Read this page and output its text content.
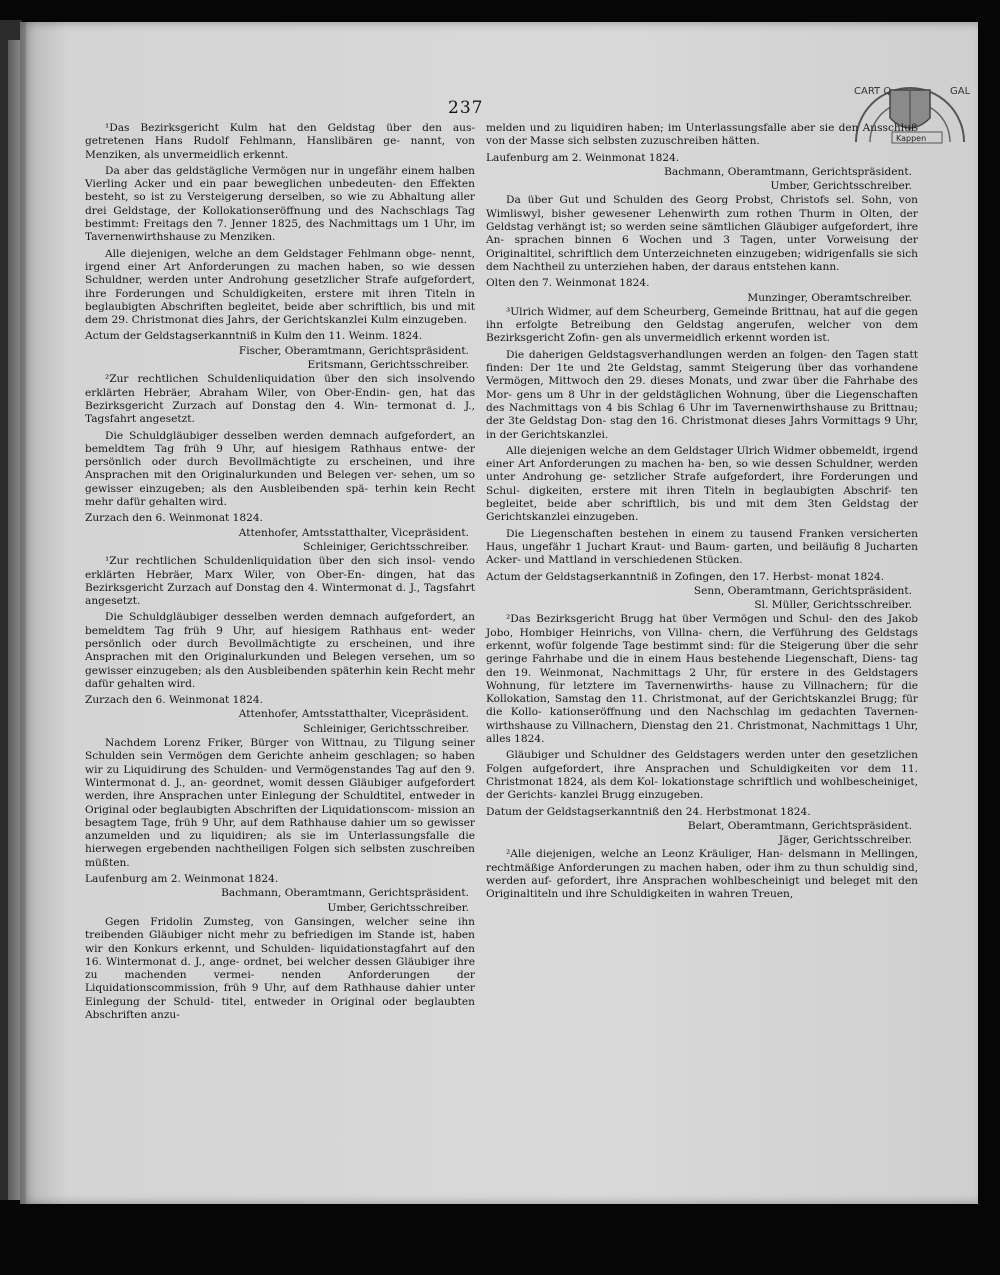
237
CART Q	GAL
Kappen

¹Das Bezirksgericht Kulm hat den Geldstag über den aus- getretenen Hans Rudolf Fehlmann, Hanslibären ge- nannt, von Menziken, als unvermeidlich erkennt.

Da aber das geldstägliche Vermögen nur in ungefähr einem halben Vierling Acker und ein paar beweglichen unbedeuten- den Effekten besteht, so ist zu Versteigerung derselben, so wie zu Abhaltung aller drei Geldstage, der Kollokationseröffnung und des Nachschlags Tag bestimmt: Freitags den 7. Jenner 1825, des Nachmittags um 1 Uhr, im Tavernenwirthshause zu Menziken.

Alle diejenigen, welche an dem Geldstager Fehlmann obge- nennt, irgend einer Art Anforderungen zu machen haben, so wie dessen Schuldner, werden unter Androhung gesetzlicher Strafe aufgefordert, ihre Forderungen und Schuldigkeiten, erstere mit ihren Titeln in beglaubigten Abschriften begleitet, beide aber schriftlich, bis und mit dem 29. Christmonat dies Jahrs, der Gerichtskanzlei Kulm einzugeben.

Actum der Geldstagserkanntniß in Kulm den 11. Weinm. 1824.

Fischer, Oberamtmann, Gerichtspräsident.

Eritsmann, Gerichtsschreiber.

²Zur rechtlichen Schuldenliquidation über den sich insolvendo erklärten Hebräer, Abraham Wiler, von Ober-Endin- gen, hat das Bezirksgericht Zurzach auf Donstag den 4. Win- termonat d. J., Tagsfahrt angesetzt.

Die Schuldgläubiger desselben werden demnach aufgefordert, an bemeldtem Tag früh 9 Uhr, auf hiesigem Rathhaus entwe- der persönlich oder durch Bevollmächtigte zu erscheinen, und ihre Ansprachen mit den Originalurkunden und Belegen ver- sehen, um so gewisser einzugeben; als den Ausbleibenden spä- terhin kein Recht mehr dafür gehalten wird.

Zurzach den 6. Weinmonat 1824.

Attenhofer, Amtsstatthalter, Vicepräsident.

Schleiniger, Gerichtsschreiber.

¹Zur rechtlichen Schuldenliquidation über den sich insol- vendo erklärten Hebräer, Marx Wiler, von Ober-En- dingen, hat das Bezirksgericht Zurzach auf Donstag den 4. Wintermonat d. J., Tagsfahrt angesetzt.

Die Schuldgläubiger desselben werden demnach aufgefordert, an bemeldtem Tag früh 9 Uhr, auf hiesigem Rathhaus ent- weder persönlich oder durch Bevollmächtigte zu erscheinen, und ihre Ansprachen mit den Originalurkunden und Belegen versehen, um so gewisser einzugeben; als den Ausbleibenden späterhin kein Recht mehr dafür gehalten wird.

Zurzach den 6. Weinmonat 1824.

Attenhofer, Amtsstatthalter, Vicepräsident.

Schleiniger, Gerichtsschreiber.

Nachdem Lorenz Friker, Bürger von Wittnau, zu Tilgung seiner Schulden sein Vermögen dem Gerichte anheim geschlagen; so haben wir zu Liquidirung des Schulden- und Vermögenstandes Tag auf den 9. Wintermonat d. J., an- geordnet, womit dessen Gläubiger aufgefordert werden, ihre Ansprachen unter Einlegung der Schuldtitel, entweder in Original oder beglaubigten Abschriften der Liquidationscom- mission an besagtem Tage, früh 9 Uhr, auf dem Rathhause dahier um so gewisser anzumelden und zu liquidiren; als sie im Unterlassungsfalle die hierwegen ergebenden nachtheiligen Folgen sich selbsten zuschreiben müßten.

Laufenburg am 2. Weinmonat 1824.

Bachmann, Oberamtmann, Gerichtspräsident.

Umber, Gerichtsschreiber.

Gegen Fridolin Zumsteg, von Gansingen, welcher seine ihn treibenden Gläubiger nicht mehr zu befriedigen im Stande ist, haben wir den Konkurs erkennt, und Schulden- liquidationstagfahrt auf den 16. Wintermonat d. J., ange- ordnet, bei welcher dessen Gläubiger ihre zu machenden vermei- nenden Anforderungen der Liquidationscommission, früh 9 Uhr, auf dem Rathhause dahier unter Einlegung der Schuld- titel, entweder in Original oder beglaubten Abschriften anzu-

melden und zu liquidiren haben; im Unterlassungsfalle aber sie den Ausschluß von der Masse sich selbsten zuzuschreiben hätten.

Laufenburg am 2. Weinmonat 1824.

Bachmann, Oberamtmann, Gerichtspräsident.

Umber, Gerichtsschreiber.

Da über Gut und Schulden des Georg Probst, Christofs sel. Sohn, von Wimliswyl, bisher gewesener Lehenwirth zum rothen Thurm in Olten, der Geldstag verhängt ist; so werden seine sämtlichen Gläubiger aufgefordert, ihre An- sprachen binnen 6 Wochen und 3 Tagen, unter Vorweisung der Originaltitel, schriftlich dem Unterzeichneten einzugeben; widrigenfalls sie sich dem Nachtheil zu unterziehen haben, der daraus entstehen kann.

Olten den 7. Weinmonat 1824.

Munzinger, Oberamtschreiber.

³Ulrich Widmer, auf dem Scheurberg, Gemeinde Brittnau, hat auf die gegen ihn erfolgte Betreibung den Geldstag angerufen, welcher von dem Bezirksgericht Zofin- gen als unvermeidlich erkennt worden ist.

Die daherigen Geldstagsverhandlungen werden an folgen- den Tagen statt finden: Der 1te und 2te Geldstag, sammt Steigerung über das vorhandene Vermögen, Mittwoch den 29. dieses Monats, und zwar über die Fahrhabe des Mor- gens um 8 Uhr in der geldstäglichen Wohnung, über die Liegenschaften des Nachmittags von 4 bis Schlag 6 Uhr im Tavernenwirthshause zu Brittnau; der 3te Geldstag Don- stag den 16. Christmonat dieses Jahrs Vormittags 9 Uhr, in der Gerichtskanzlei.

Alle diejenigen welche an dem Geldstager Ulrich Widmer obbemeldt, irgend einer Art Anforderungen zu machen ha- ben, so wie dessen Schuldner, werden unter Androhung ge- setzlicher Strafe aufgefordert, ihre Forderungen und Schul- digkeiten, erstere mit ihren Titeln in beglaubigten Abschrif- ten begleitet, beide aber schriftlich, bis und mit dem 3ten Geldstag der Gerichtskanzlei einzugeben.

Die Liegenschaften bestehen in einem zu tausend Franken versicherten Haus, ungefähr 1 Juchart Kraut- und Baum- garten, und beiläufig 8 Jucharten Acker- und Mattland in verschiedenen Stücken.

Actum der Geldstagserkanntniß in Zofingen, den 17. Herbst- monat 1824.

Senn, Oberamtmann, Gerichtspräsident.

Sl. Müller, Gerichtsschreiber.

²Das Bezirksgericht Brugg hat über Vermögen und Schul- den des Jakob Jobo, Hombiger Heinrichs, von Villna- chern, die Verführung des Geldstags erkennt, wofür folgende Tage bestimmt sind: für die Steigerung über die sehr geringe Fahrhabe und die in einem Haus bestehende Liegenschaft, Diens- tag den 19. Weinmonat, Nachmittags 2 Uhr, für erstere in des Geldstagers Wohnung, für letztere im Tavernenwirths- hause zu Villnachern; für die Kollokation, Samstag den 11. Christmonat, auf der Gerichtskanzlei Brugg; für die Kollo- kationseröffnung und den Nachschlag im gedachten Tavernen- wirthshause zu Villnachern, Dienstag den 21. Christmonat, Nachmittags 1 Uhr, alles 1824.

Gläubiger und Schuldner des Geldstagers werden unter den gesetzlichen Folgen aufgefordert, ihre Ansprachen und Schuldigkeiten vor dem 11. Christmonat 1824, als dem Kol- lokationstage schriftlich und wohlbescheiniget, der Gerichts- kanzlei Brugg einzugeben.

Datum der Geldstagserkanntniß den 24. Herbstmonat 1824.

Belart, Oberamtmann, Gerichtspräsident.

Jäger, Gerichtsschreiber.

²Alle diejenigen, welche an Leonz Kräuliger, Han- delsmann in Mellingen, rechtmäßige Anforderungen zu machen haben, oder ihm zu thun schuldig sind, werden auf- gefordert, ihre Ansprachen wohlbescheinigt und beleget mit den Originaltiteln und ihre Schuldigkeiten in wahren Treuen,
